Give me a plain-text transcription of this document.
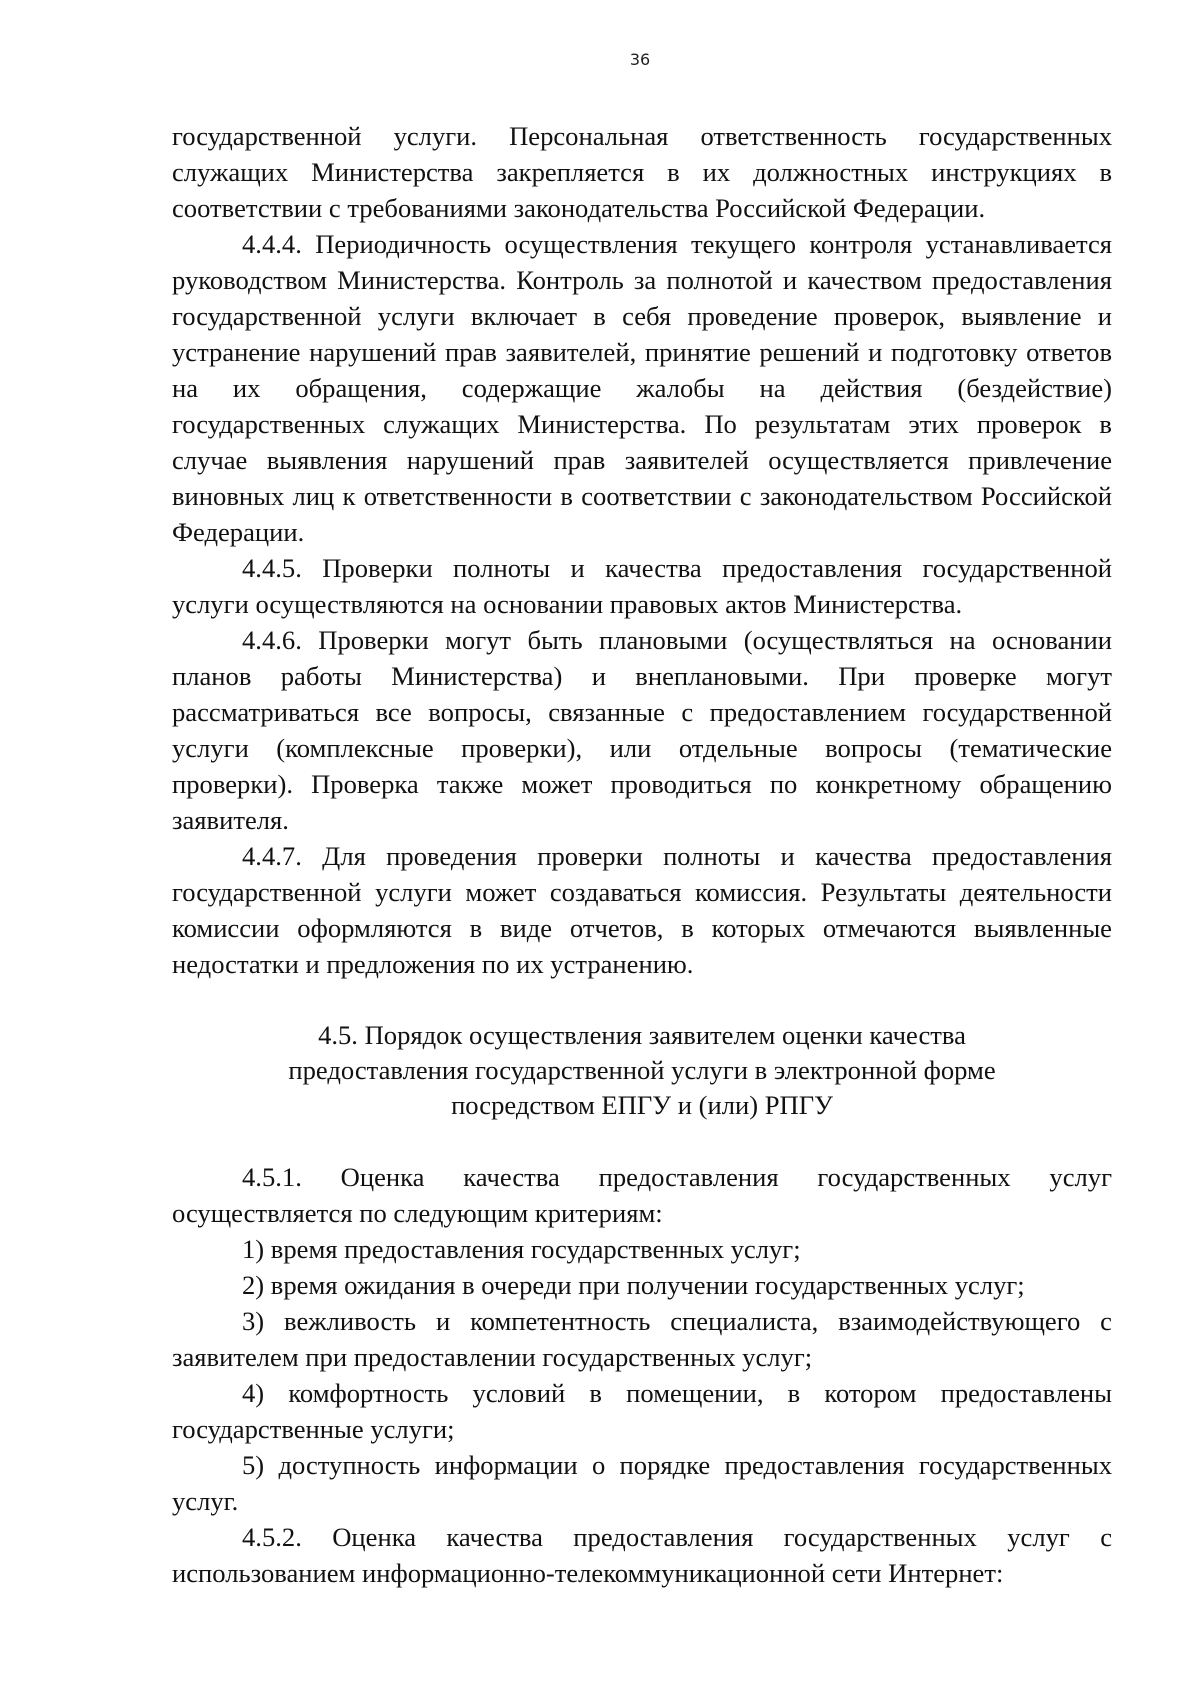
36

государственной услуги. Персональная ответственность государственных служащих Министерства закрепляется в их должностных инструкциях в соответствии с требованиями законодательства Российской Федерации.

4.4.4. Периодичность осуществления текущего контроля устанавливается руководством Министерства. Контроль за полнотой и качеством предоставления государственной услуги включает в себя проведение проверок, выявление и устранение нарушений прав заявителей, принятие решений и подготовку ответов на их обращения, содержащие жалобы на действия (бездействие) государственных служащих Министерства. По результатам этих проверок в случае выявления нарушений прав заявителей осуществляется привлечение виновных лиц к ответственности в соответствии с законодательством Российской Федерации.

4.4.5. Проверки полноты и качества предоставления государственной услуги осуществляются на основании правовых актов Министерства.

4.4.6. Проверки могут быть плановыми (осуществляться на основании планов работы Министерства) и внеплановыми. При проверке могут рассматриваться все вопросы, связанные с предоставлением государственной услуги (комплексные проверки), или отдельные вопросы (тематические проверки). Проверка также может проводиться по конкретному обращению заявителя.

4.4.7. Для проведения проверки полноты и качества предоставления государственной услуги может создаваться комиссия. Результаты деятельности комиссии оформляются в виде отчетов, в которых отмечаются выявленные недостатки и предложения по их устранению.

4.5. Порядок осуществления заявителем оценки качества
предоставления государственной услуги в электронной форме
посредством ЕПГУ и (или) РПГУ

4.5.1. Оценка качества предоставления государственных услуг осуществляется по следующим критериям:

1) время предоставления государственных услуг;

2) время ожидания в очереди при получении государственных услуг;

3) вежливость и компетентность специалиста, взаимодействующего с заявителем при предоставлении государственных услуг;

4) комфортность условий в помещении, в котором предоставлены государственные услуги;

5) доступность информации о порядке предоставления государственных услуг.

4.5.2. Оценка качества предоставления государственных услуг с использованием информационно-телекоммуникационной сети Интернет:
